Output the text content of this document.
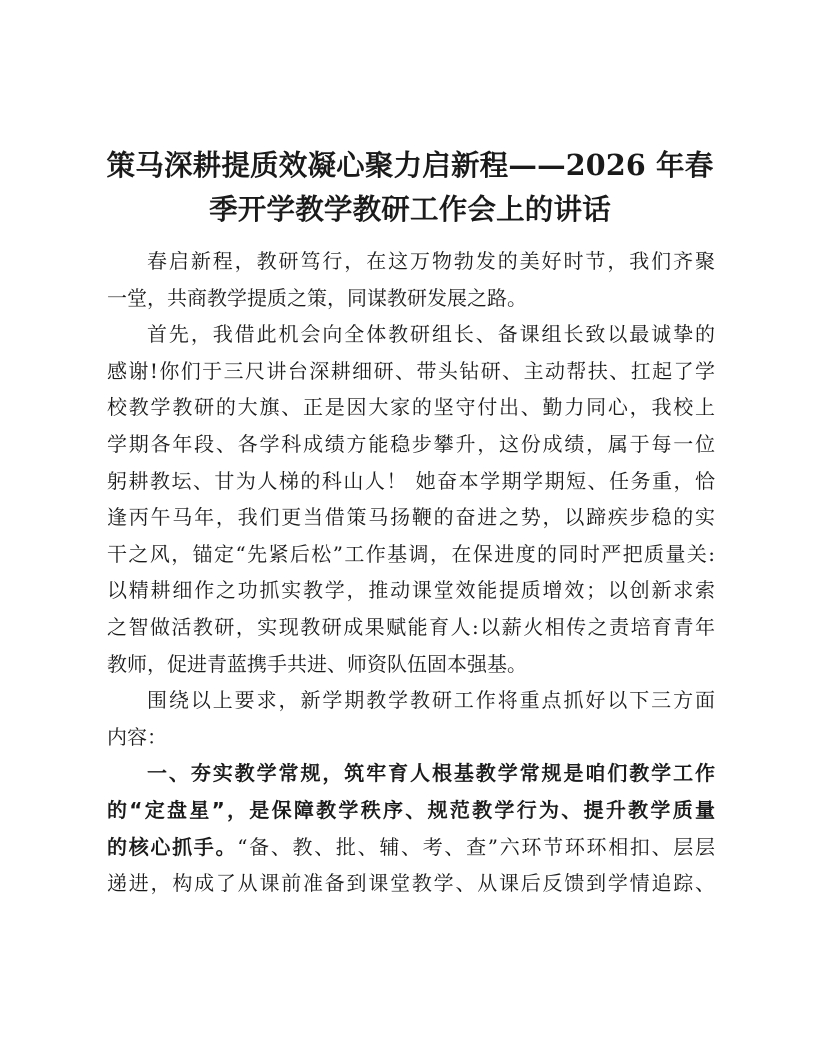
策马深耕提质效凝心聚力启新程——2026 年春
季开学教学教研工作会上的讲话
春启新程，教研笃行，在这万物勃发的美好时节，我们齐聚
一堂，共商教学提质之策，同谋教研发展之路。
首先，我借此机会向全体教研组长、备课组长致以最诚挚的
感谢!你们于三尺讲台深耕细研、带头钻研、主动帮扶、扛起了学
校教学教研的大旗、正是因大家的坚守付出、勤力同心，我校上
学期各年段、各学科成绩方能稳步攀升，这份成绩，属于每一位
躬耕教坛、甘为人梯的科山人！ 她奋本学期学期短、任务重，恰
逢丙午马年，我们更当借策马扬鞭的奋进之势，以蹄疾步稳的实
干之风，锚定“先紧后松”工作基调，在保进度的同时严把质量关:
以精耕细作之功抓实教学，推动课堂效能提质增效；以创新求索
之智做活教研，实现教研成果赋能育人:以薪火相传之责培育青年
教师，促进青蓝携手共进、师资队伍固本强基。
围绕以上要求，新学期教学教研工作将重点抓好以下三方面
内容：
一、夯实教学常规，筑牢育人根基教学常规是咱们教学工作
的“定盘星”，是保障教学秩序、规范教学行为、提升教学质量
的核心抓手。“备、教、批、辅、考、查”六环节环环相扣、层层
递进，构成了从课前准备到课堂教学、从课后反馈到学情追踪、
